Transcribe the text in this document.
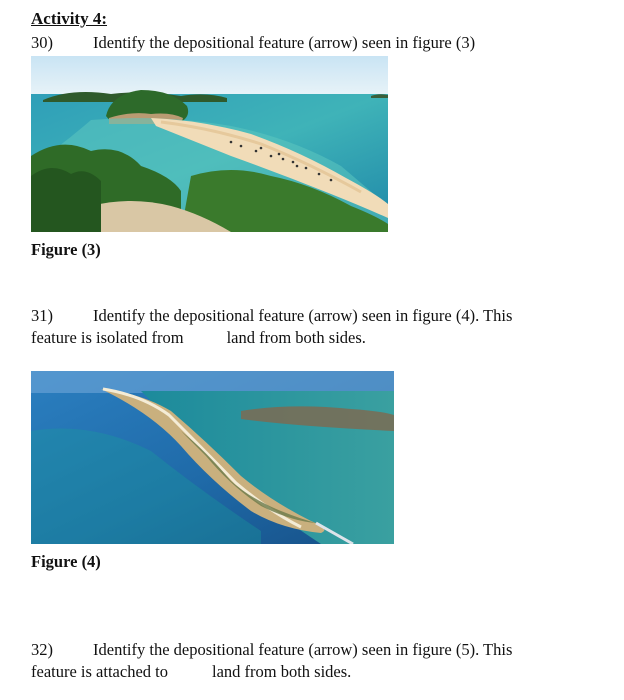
Activity 4:
30) Identify the depositional feature (arrow) seen in figure (3)
Figure (3)
31) Identify the depositional feature (arrow) seen in figure (4). This
feature is isolated from	land from both sides.
Figure (4)
32) Identify the depositional feature (arrow) seen in figure (5). This
feature is attached to	land from both sides.
